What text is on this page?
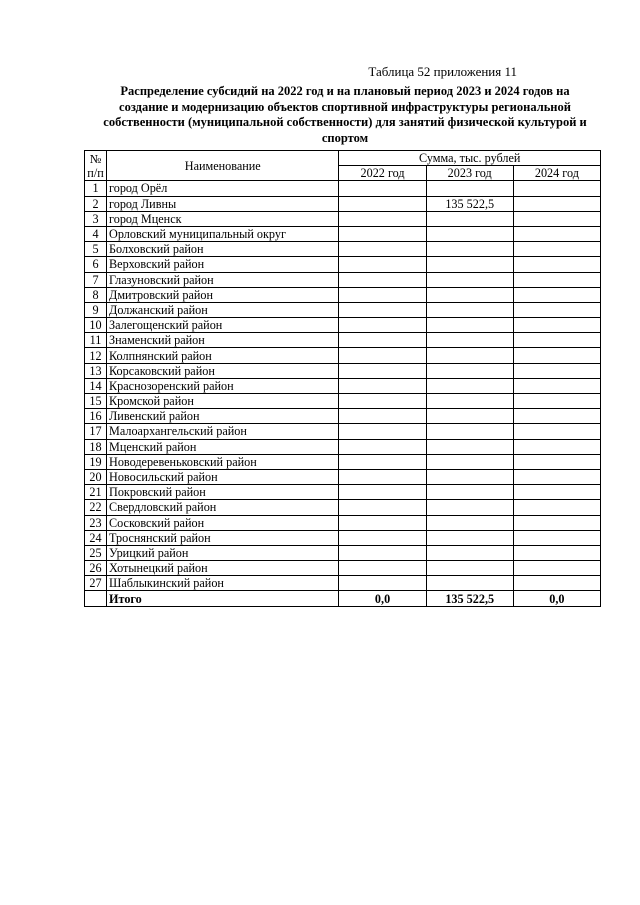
Таблица 52 приложения 11
Распределение субсидий на 2022 год и на плановый период 2023 и 2024 годов на создание и модернизацию объектов спортивной инфраструктуры региональной собственности (муниципальной собственности) для занятий физической культурой и спортом
№ п/п	Наименование	Сумма, тыс. рублей		
		2022 год	2023 год	2024 год
1	город Орёл			
2	город Ливны		135 522,5	
3	город Мценск			
4	Орловский муниципальный округ			
5	Болховский район			
6	Верховский район			
7	Глазуновский район			
8	Дмитровский район			
9	Должанский район			
10	Залегощенский район			
11	Знаменский район			
12	Колпнянский район			
13	Корсаковский район			
14	Краснозоренский район			
15	Кромской район			
16	Ливенский район			
17	Малоархангельский район			
18	Мценский район			
19	Новодеревеньковский район			
20	Новосильский район			
21	Покровский район			
22	Свердловский район			
23	Сосковский район			
24	Троснянский район			
25	Урицкий район			
26	Хотынецкий район			
27	Шаблыкинский район			
	Итого	0,0	135 522,5	0,0
